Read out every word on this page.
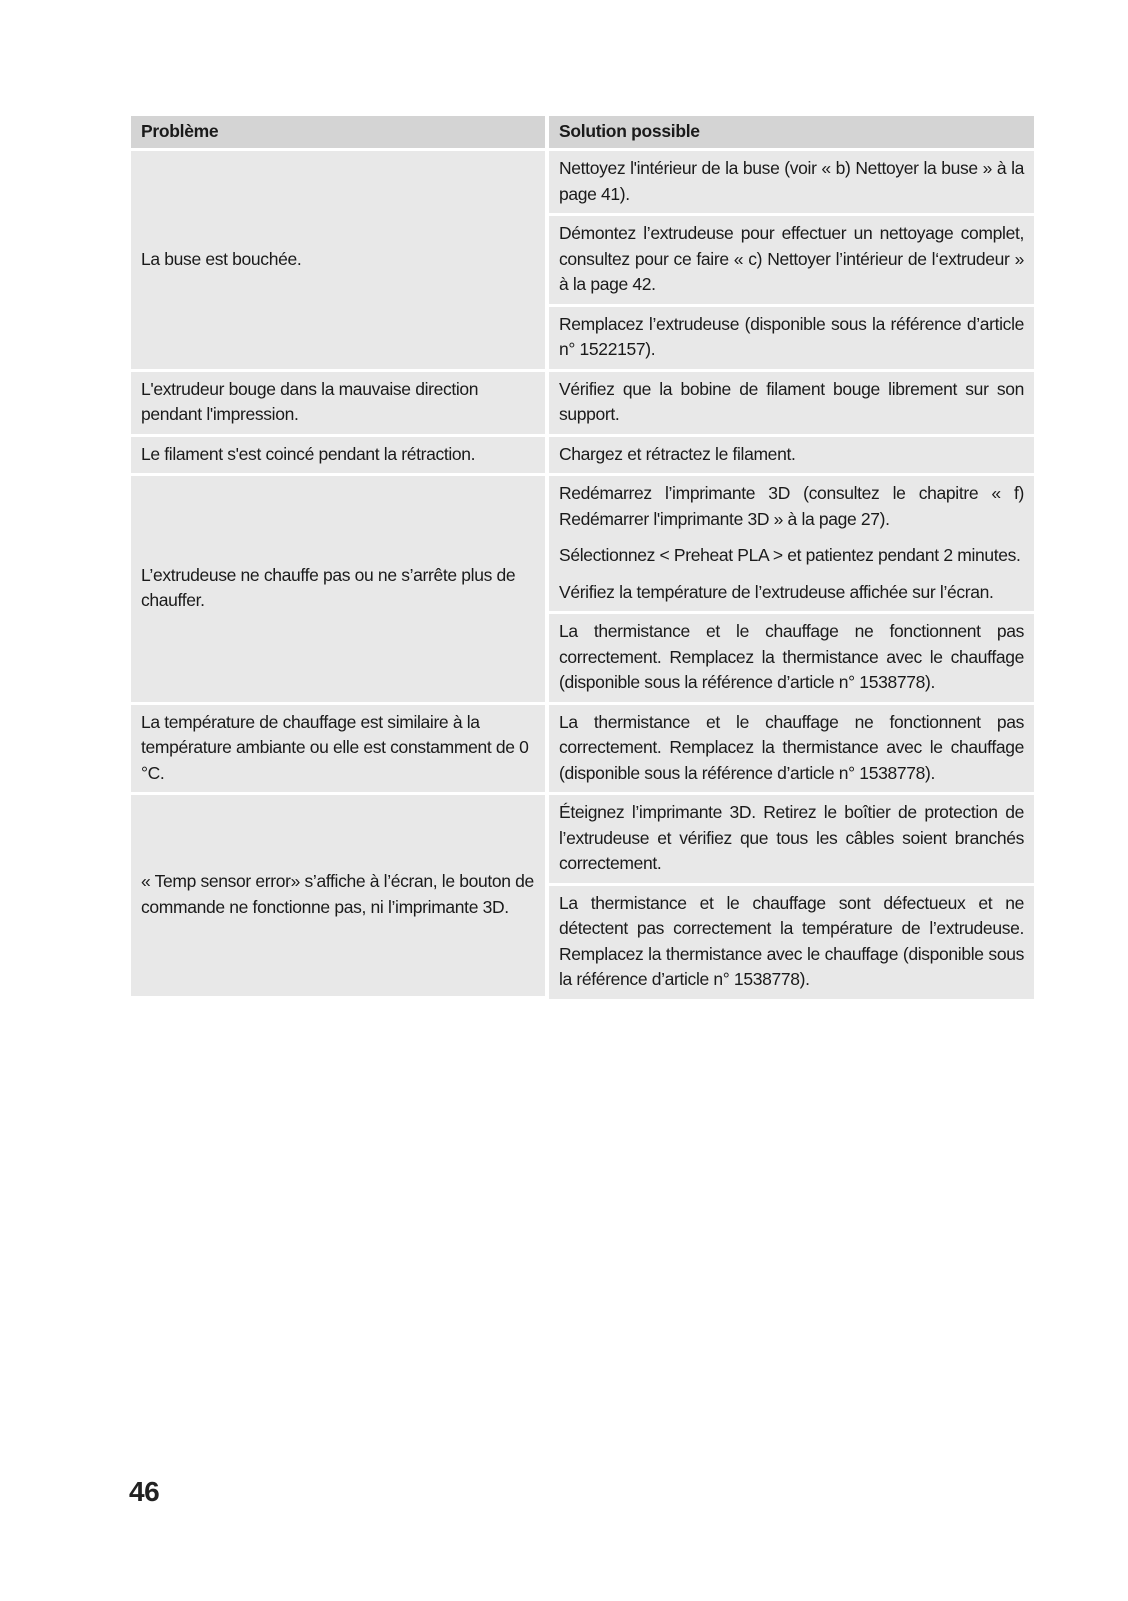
Problème	Solution possible
La buse est bouchée.	Nettoyez l'intérieur de la buse (voir « b) Nettoyer la buse » à la page 41).
	Démontez l’extrudeuse pour effectuer un nettoyage complet, consultez pour ce faire « c) Nettoyer l’intérieur de l‘extrudeur » à la page 42.
	Remplacez l’extrudeuse (disponible sous la référence d’article n° 1522157).
L'extrudeur bouge dans la mauvaise direction pendant l'impression.	Vérifiez que la bobine de filament bouge librement sur son support.
Le filament s'est coincé pendant la rétraction.	Chargez et rétractez le filament.
L’extrudeuse ne chauffe pas ou ne s’arrête plus de chauffer.	Redémarrez l’imprimante 3D (consultez le chapitre « f) Redémarrer l'imprimante 3D » à la page 27).
	Sélectionnez < Preheat PLA > et patientez pendant 2 minutes.
	Vérifiez la température de l’extrudeuse affichée sur l’écran.
	La thermistance et le chauffage ne fonctionnent pas correctement. Remplacez la thermistance avec le chauffage (disponible sous la référence d’article n° 1538778).
La température de chauffage est similaire à la température ambiante ou elle est constamment de 0 °C.	La thermistance et le chauffage ne fonctionnent pas correctement. Remplacez la thermistance avec le chauffage (disponible sous la référence d’article n° 1538778).
« Temp sensor error» s’affiche à l’écran, le bouton de commande ne fonctionne pas, ni l’imprimante 3D.	Éteignez l’imprimante 3D. Retirez le boîtier de protection de l’extrudeuse et vérifiez que tous les câbles soient branchés correctement.
	La thermistance et le chauffage sont défectueux et ne détectent pas correctement la température de l’extrudeuse. Remplacez la thermistance avec le chauffage (disponible sous la référence d’article n° 1538778).
46
